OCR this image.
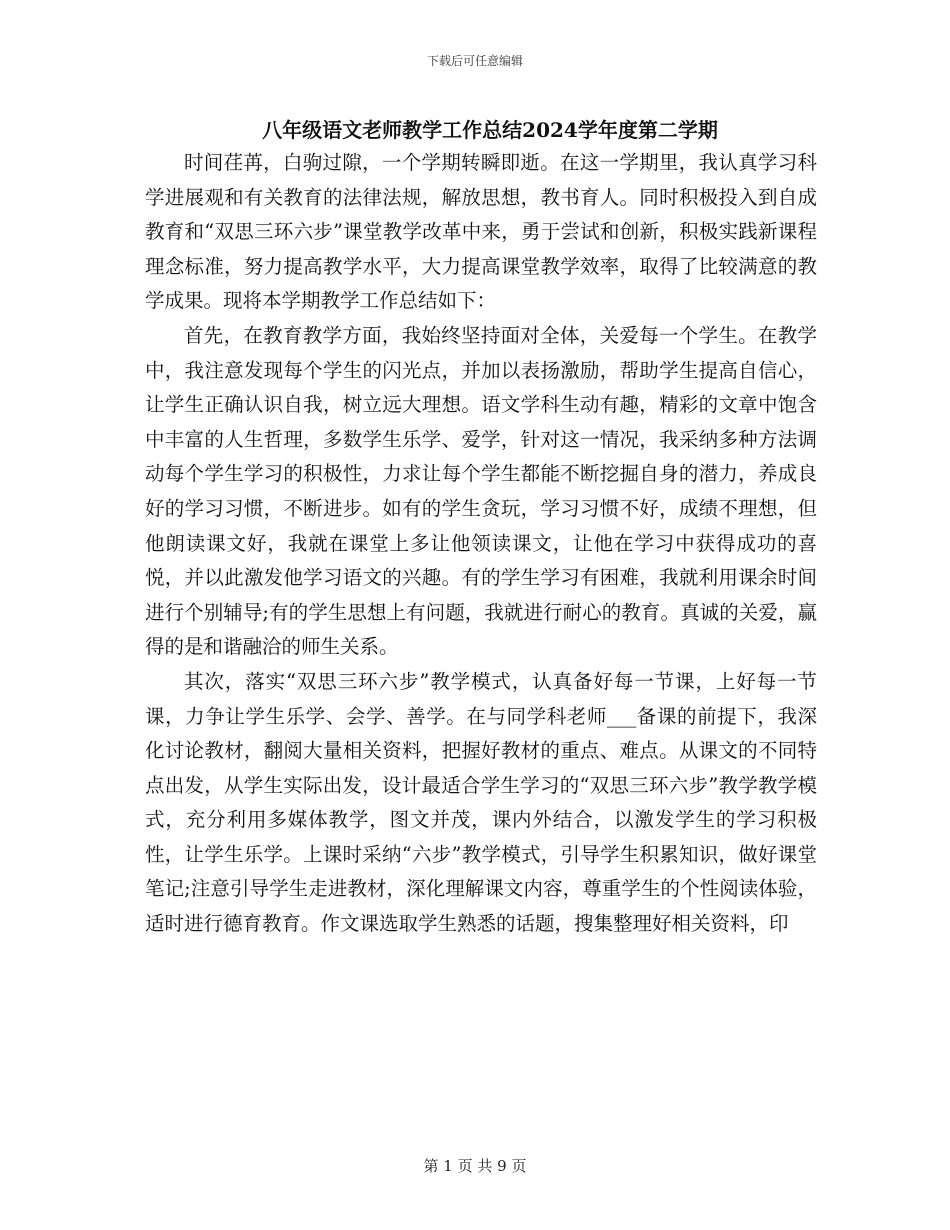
下载后可任意编辑
八年级语文老师教学工作总结2024学年度第二学期

时间荏苒，白驹过隙，一个学期转瞬即逝。在这一学期里，我认真学习科学进展观和有关教育的法律法规，解放思想，教书育人。同时积极投入到自成教育和“双思三环六步”课堂教学改革中来，勇于尝试和创新，积极实践新课程理念标准，努力提高教学水平，大力提高课堂教学效率，取得了比较满意的教学成果。现将本学期教学工作总结如下：

首先，在教育教学方面，我始终坚持面对全体，关爱每一个学生。在教学中，我注意发现每个学生的闪光点，并加以表扬激励，帮助学生提高自信心，让学生正确认识自我，树立远大理想。语文学科生动有趣，精彩的文章中饱含中丰富的人生哲理，多数学生乐学、爱学，针对这一情况，我采纳多种方法调动每个学生学习的积极性，力求让每个学生都能不断挖掘自身的潜力，养成良好的学习习惯，不断进步。如有的学生贪玩，学习习惯不好，成绩不理想，但他朗读课文好，我就在课堂上多让他领读课文，让他在学习中获得成功的喜悦，并以此激发他学习语文的兴趣。有的学生学习有困难，我就利用课余时间进行个别辅导;有的学生思想上有问题，我就进行耐心的教育。真诚的关爱，赢得的是和谐融洽的师生关系。

其次，落实“双思三环六步”教学模式，认真备好每一节课，上好每一节课，力争让学生乐学、会学、善学。在与同学科老师___备课的前提下，我深化讨论教材，翻阅大量相关资料，把握好教材的重点、难点。从课文的不同特点出发，从学生实际出发，设计最适合学生学习的“双思三环六步”教学教学模式，充分利用多媒体教学，图文并茂，课内外结合，以激发学生的学习积极性，让学生乐学。上课时采纳“六步”教学模式，引导学生积累知识，做好课堂笔记;注意引导学生走进教材，深化理解课文内容，尊重学生的个性阅读体验，适时进行德育教育。作文课选取学生熟悉的话题，搜集整理好相关资料，印

第 1 页 共 9 页
